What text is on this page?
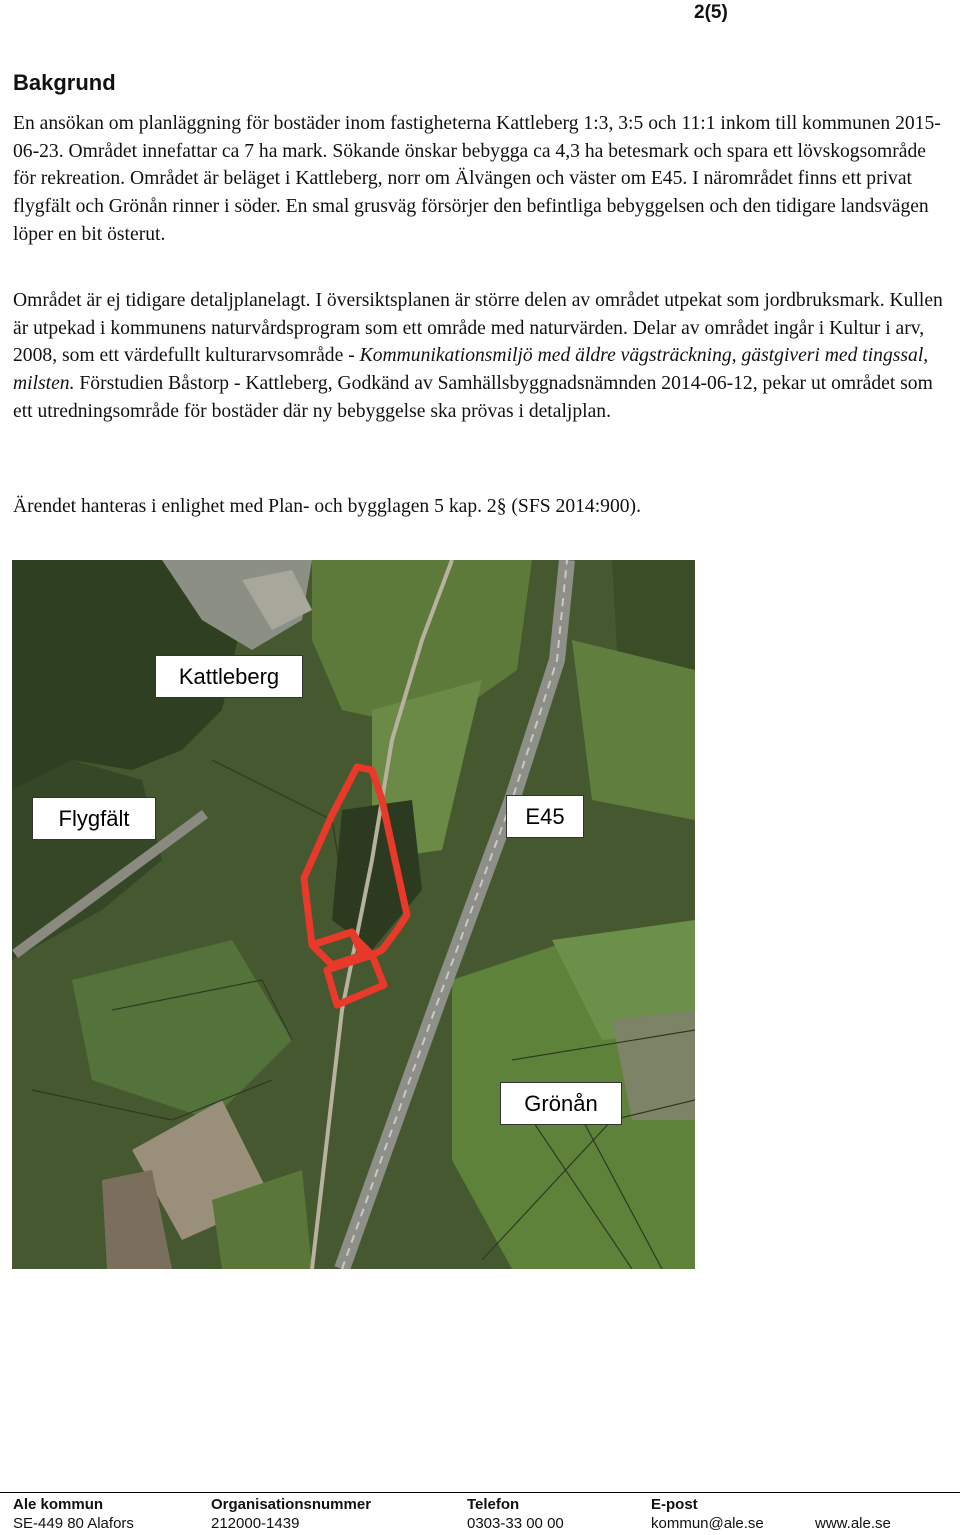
2(5)
Bakgrund

En ansökan om planläggning för bostäder inom fastigheterna Kattleberg 1:3, 3:5 och 11:1 inkom till kommunen 2015-06-23. Området innefattar ca 7 ha mark. Sökande önskar bebygga ca 4,3 ha betesmark och spara ett lövskogsområde för rekreation. Området är beläget i Kattleberg, norr om Älvängen och väster om E45. I närområdet finns ett privat flygfält och Grönån rinner i söder. En smal grusväg försörjer den befintliga bebyggelsen och den tidigare landsvägen löper en bit österut.

Området är ej tidigare detaljplanelagt. I översiktsplanen är större delen av området utpekat som jordbruksmark. Kullen är utpekad i kommunens naturvårdsprogram som ett område med naturvärden. Delar av området ingår i Kultur i arv, 2008, som ett värdefullt kulturarvsområde - Kommunikationsmiljö med äldre vägsträckning, gästgiveri med tingssal, milsten. Förstudien Båstorp - Kattleberg, Godkänd av Samhällsbyggnadsnämnden 2014-06-12, pekar ut området som ett utredningsområde för bostäder där ny bebyggelse ska prövas i detaljplan.

Ärendet hanteras i enlighet med Plan- och bygglagen 5 kap. 2§ (SFS 2014:900).

Kattleberg
Flygfält	E45
Grönån
Ale kommun
SE-449 80 Alafors
Organisationsnummer
212000-1439
Telefon
0303-33 00 00
E-post
kommun@ale.se	www.ale.se
